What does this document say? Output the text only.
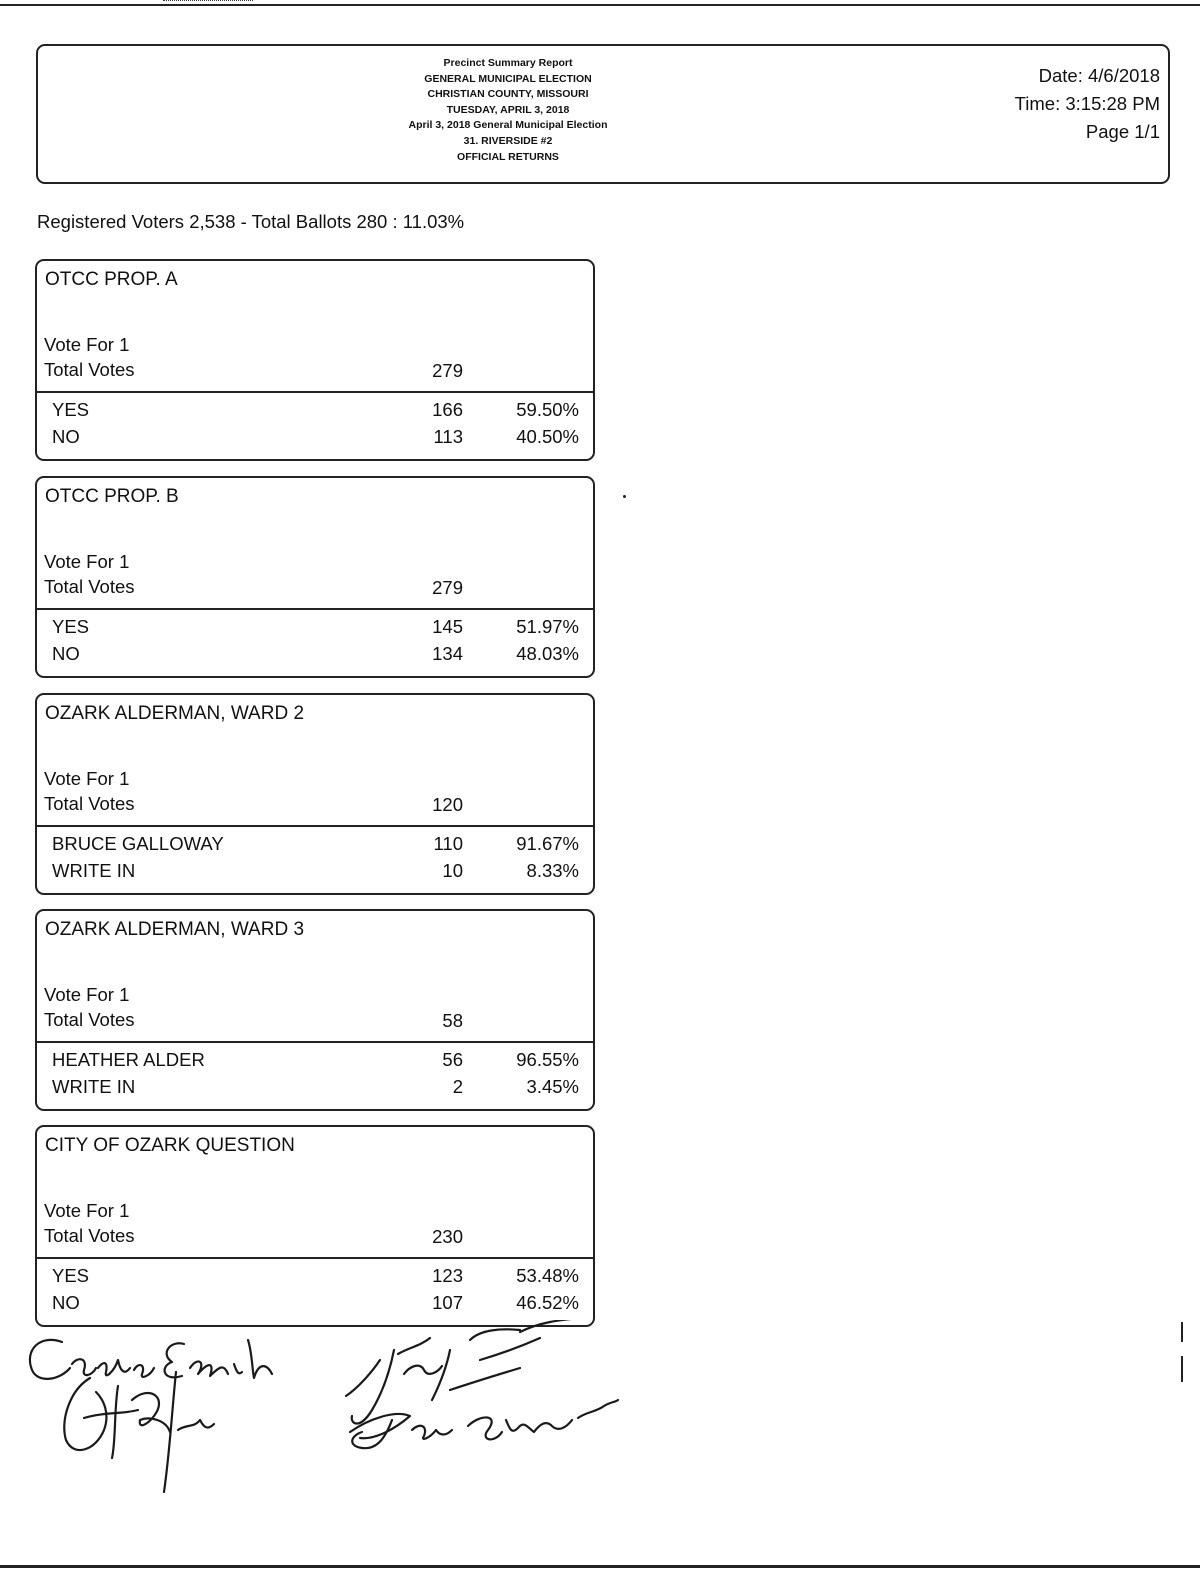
Precinct Summary Report
GENERAL MUNICIPAL ELECTION
CHRISTIAN COUNTY, MISSOURI
TUESDAY, APRIL 3, 2018
April 3, 2018 General Municipal Election
31. RIVERSIDE #2
OFFICIAL RETURNS
Date: 4/6/2018
Time: 3:15:28 PM
Page 1/1
Registered Voters 2,538 - Total Ballots 280 : 11.03%
OTCC PROP. A
Vote For 1
Total Votes	279
YES	166	59.50%
NO	113	40.50%
OTCC PROP. B
Vote For 1
Total Votes	279
YES	145	51.97%
NO	134	48.03%
OZARK ALDERMAN, WARD 2
Vote For 1
Total Votes	120
BRUCE GALLOWAY	110	91.67%
WRITE IN	10	8.33%
OZARK ALDERMAN, WARD 3
Vote For 1
Total Votes	58
HEATHER ALDER	56	96.55%
WRITE IN	2	3.45%
CITY OF OZARK QUESTION
Vote For 1
Total Votes	230
YES	123	53.48%
NO	107	46.52%
